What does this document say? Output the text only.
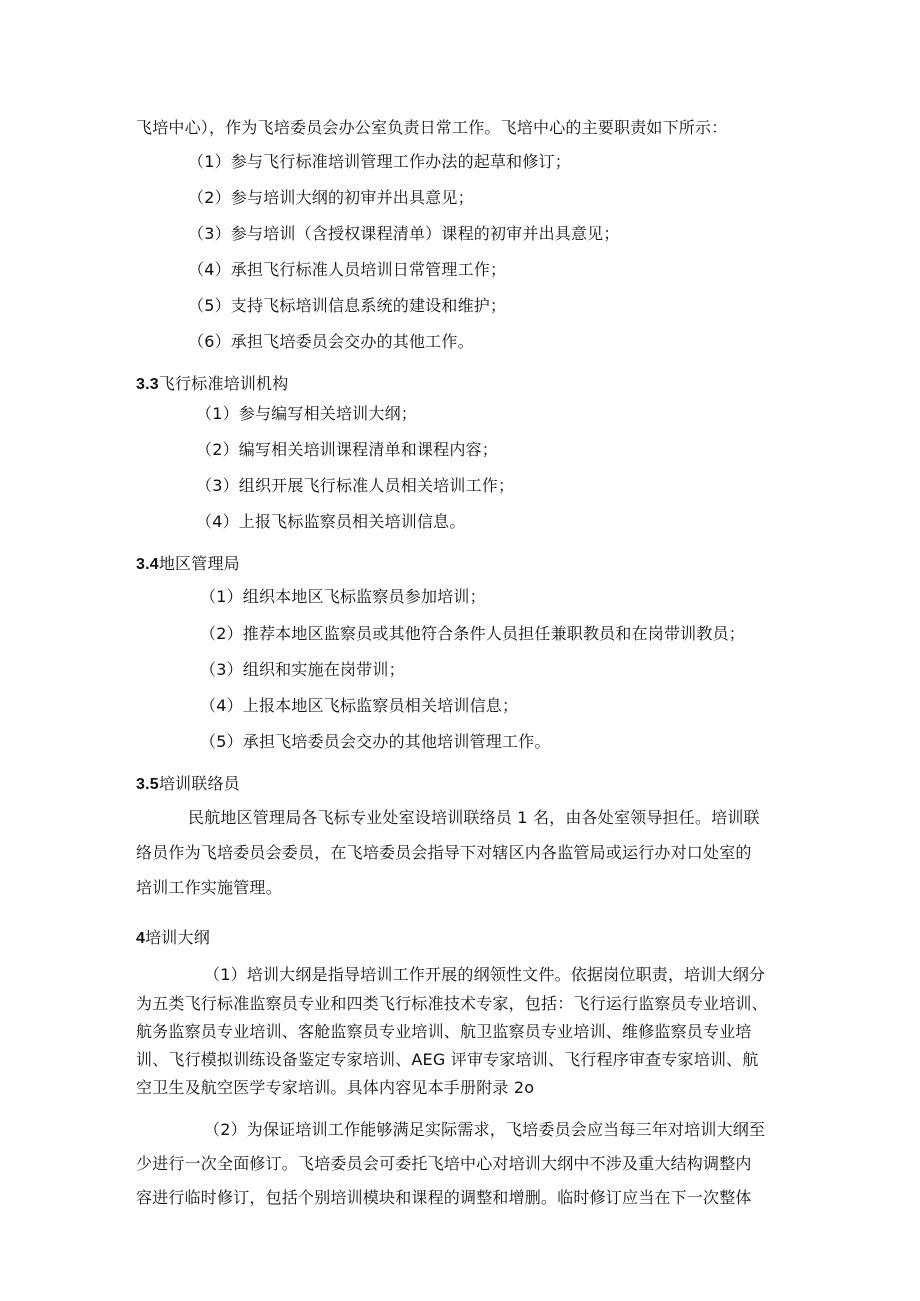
飞培中心），作为飞培委员会办公室负责日常工作。飞培中心的主要职责如下所示：
（1）参与飞行标准培训管理工作办法的起草和修订；
（2）参与培训大纲的初审并出具意见；
（3）参与培训（含授权课程清单）课程的初审并出具意见；
（4）承担飞行标准人员培训日常管理工作；
（5）支持飞标培训信息系统的建设和维护；
（6）承担飞培委员会交办的其他工作。
3.3飞行标准培训机构
（1）参与编写相关培训大纲；
（2）编写相关培训课程清单和课程内容；
（3）组织开展飞行标准人员相关培训工作；
（4）上报飞标监察员相关培训信息。
3.4地区管理局
（1）组织本地区飞标监察员参加培训；
（2）推荐本地区监察员或其他符合条件人员担任兼职教员和在岗带训教员；
（3）组织和实施在岗带训；
（4）上报本地区飞标监察员相关培训信息；
（5）承担飞培委员会交办的其他培训管理工作。
3.5培训联络员
民航地区管理局各飞标专业处室设培训联络员 1 名，由各处室领导担任。培训联
络员作为飞培委员会委员，在飞培委员会指导下对辖区内各监管局或运行办对口处室的
培训工作实施管理。
4培训大纲
（1）培训大纲是指导培训工作开展的纲领性文件。依据岗位职责，培训大纲分
为五类飞行标准监察员专业和四类飞行标准技术专家，包括：飞行运行监察员专业培训、
航务监察员专业培训、客舱监察员专业培训、航卫监察员专业培训、维修监察员专业培
训、飞行模拟训练设备鉴定专家培训、AEG 评审专家培训、飞行程序审查专家培训、航
空卫生及航空医学专家培训。具体内容见本手册附录 2o
（2）为保证培训工作能够满足实际需求，飞培委员会应当每三年对培训大纲至
少进行一次全面修订。飞培委员会可委托飞培中心对培训大纲中不涉及重大结构调整内
容进行临时修订，包括个别培训模块和课程的调整和增删。临时修订应当在下一次整体
